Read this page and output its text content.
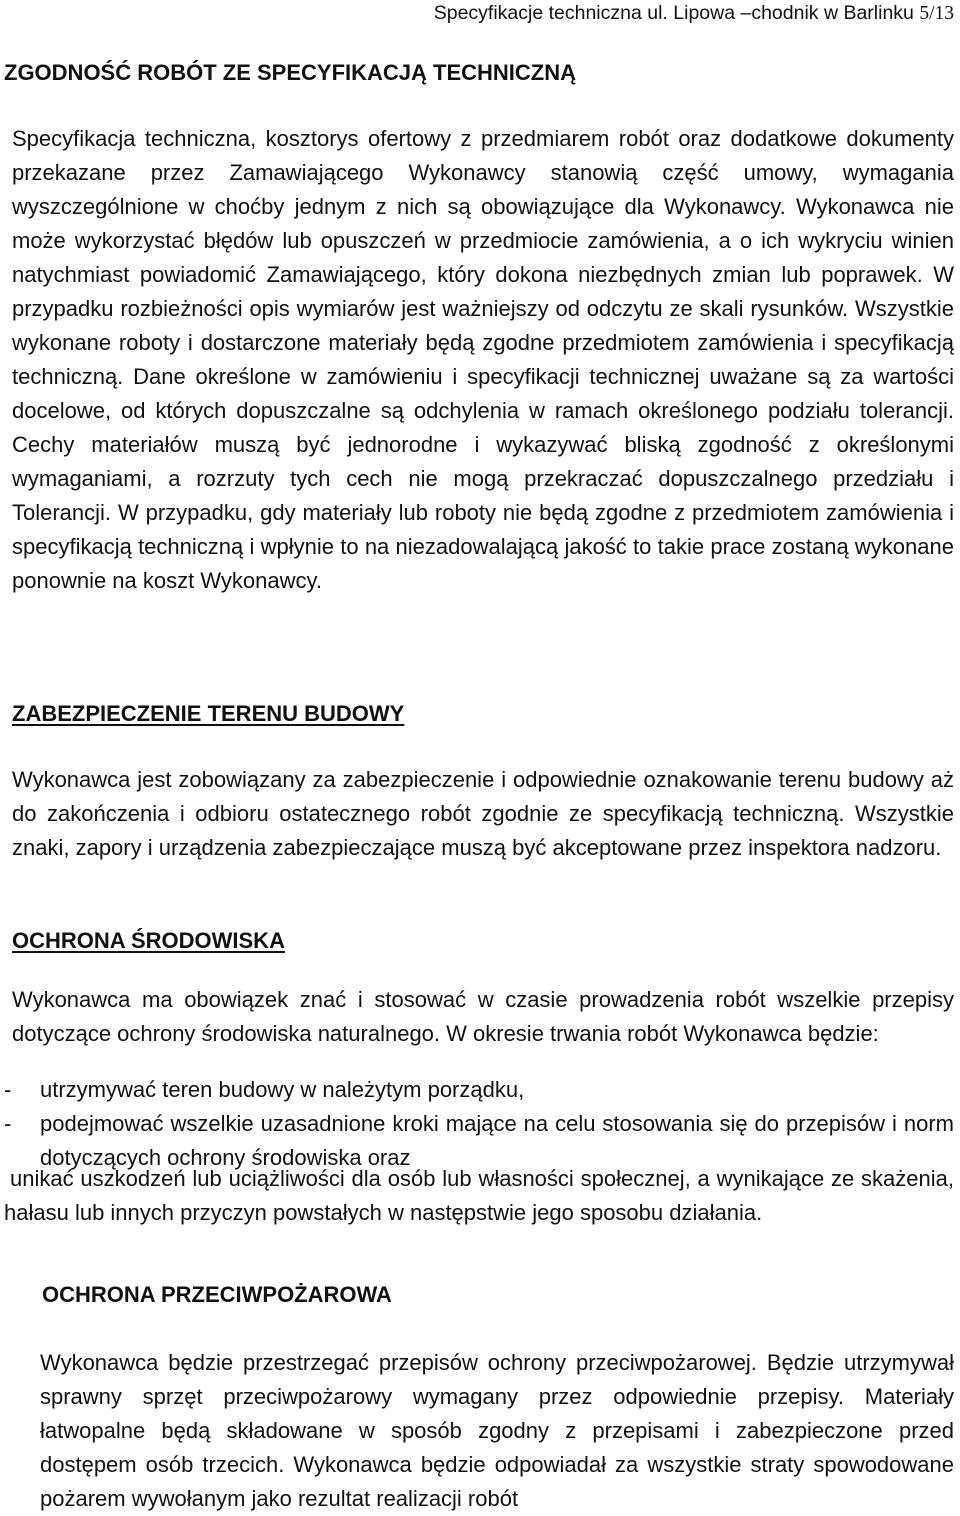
Specyfikacje techniczna ul. Lipowa –chodnik w Barlinku 5/13
ZGODNOŚĆ ROBÓT ZE SPECYFIKACJĄ TECHNICZNĄ

Specyfikacja techniczna, kosztorys ofertowy z przedmiarem robót oraz dodatkowe dokumenty przekazane przez Zamawiającego Wykonawcy stanowią część umowy, wymagania wyszczególnione w choćby jednym z nich są obowiązujące dla Wykonawcy. Wykonawca nie może wykorzystać błędów lub opuszczeń w przedmiocie zamówienia, a o ich wykryciu winien natychmiast powiadomić Zamawiającego, który dokona niezbędnych zmian lub poprawek. W przypadku rozbieżności opis wymiarów jest ważniejszy od odczytu ze skali rysunków. Wszystkie wykonane roboty i dostarczone materiały będą zgodne przedmiotem zamówienia i specyfikacją techniczną. Dane określone w zamówieniu i specyfikacji technicznej uważane są za wartości docelowe, od których dopuszczalne są odchylenia w ramach określonego podziału tolerancji. Cechy materiałów muszą być jednorodne i wykazywać bliską zgodność z określonymi wymaganiami, a rozrzuty tych cech nie mogą przekraczać dopuszczalnego przedziału i Tolerancji. W przypadku, gdy materiały lub roboty nie będą zgodne z przedmiotem zamówienia i specyfikacją techniczną i wpłynie to na niezadowalającą jakość to takie prace zostaną wykonane ponownie na koszt Wykonawcy.

ZABEZPIECZENIE TERENU BUDOWY

Wykonawca jest zobowiązany za zabezpieczenie i odpowiednie oznakowanie terenu budowy aż do zakończenia i odbioru ostatecznego robót zgodnie ze specyfikacją techniczną. Wszystkie znaki, zapory i urządzenia zabezpieczające muszą być akceptowane przez inspektora nadzoru.

OCHRONA ŚRODOWISKA

Wykonawca ma obowiązek znać i stosować w czasie prowadzenia robót wszelkie przepisy dotyczące ochrony środowiska naturalnego. W okresie trwania robót Wykonawca będzie:

- utrzymywać teren budowy w należytym porządku,
- podejmować wszelkie uzasadnione kroki mające na celu stosowania się do przepisów i norm dotyczących ochrony środowiska oraz

unikać uszkodzeń lub uciążliwości dla osób lub własności społecznej, a wynikające ze skażenia, hałasu lub innych przyczyn powstałych w następstwie jego sposobu działania.

OCHRONA PRZECIWPOŻAROWA

Wykonawca będzie przestrzegać przepisów ochrony przeciwpożarowej. Będzie utrzymywał sprawny sprzęt przeciwpożarowy wymagany przez odpowiednie przepisy. Materiały łatwopalne będą składowane w sposób zgodny z przepisami i zabezpieczone przed dostępem osób trzecich. Wykonawca będzie odpowiadał za wszystkie straty spowodowane pożarem wywołanym jako rezultat realizacji robót
